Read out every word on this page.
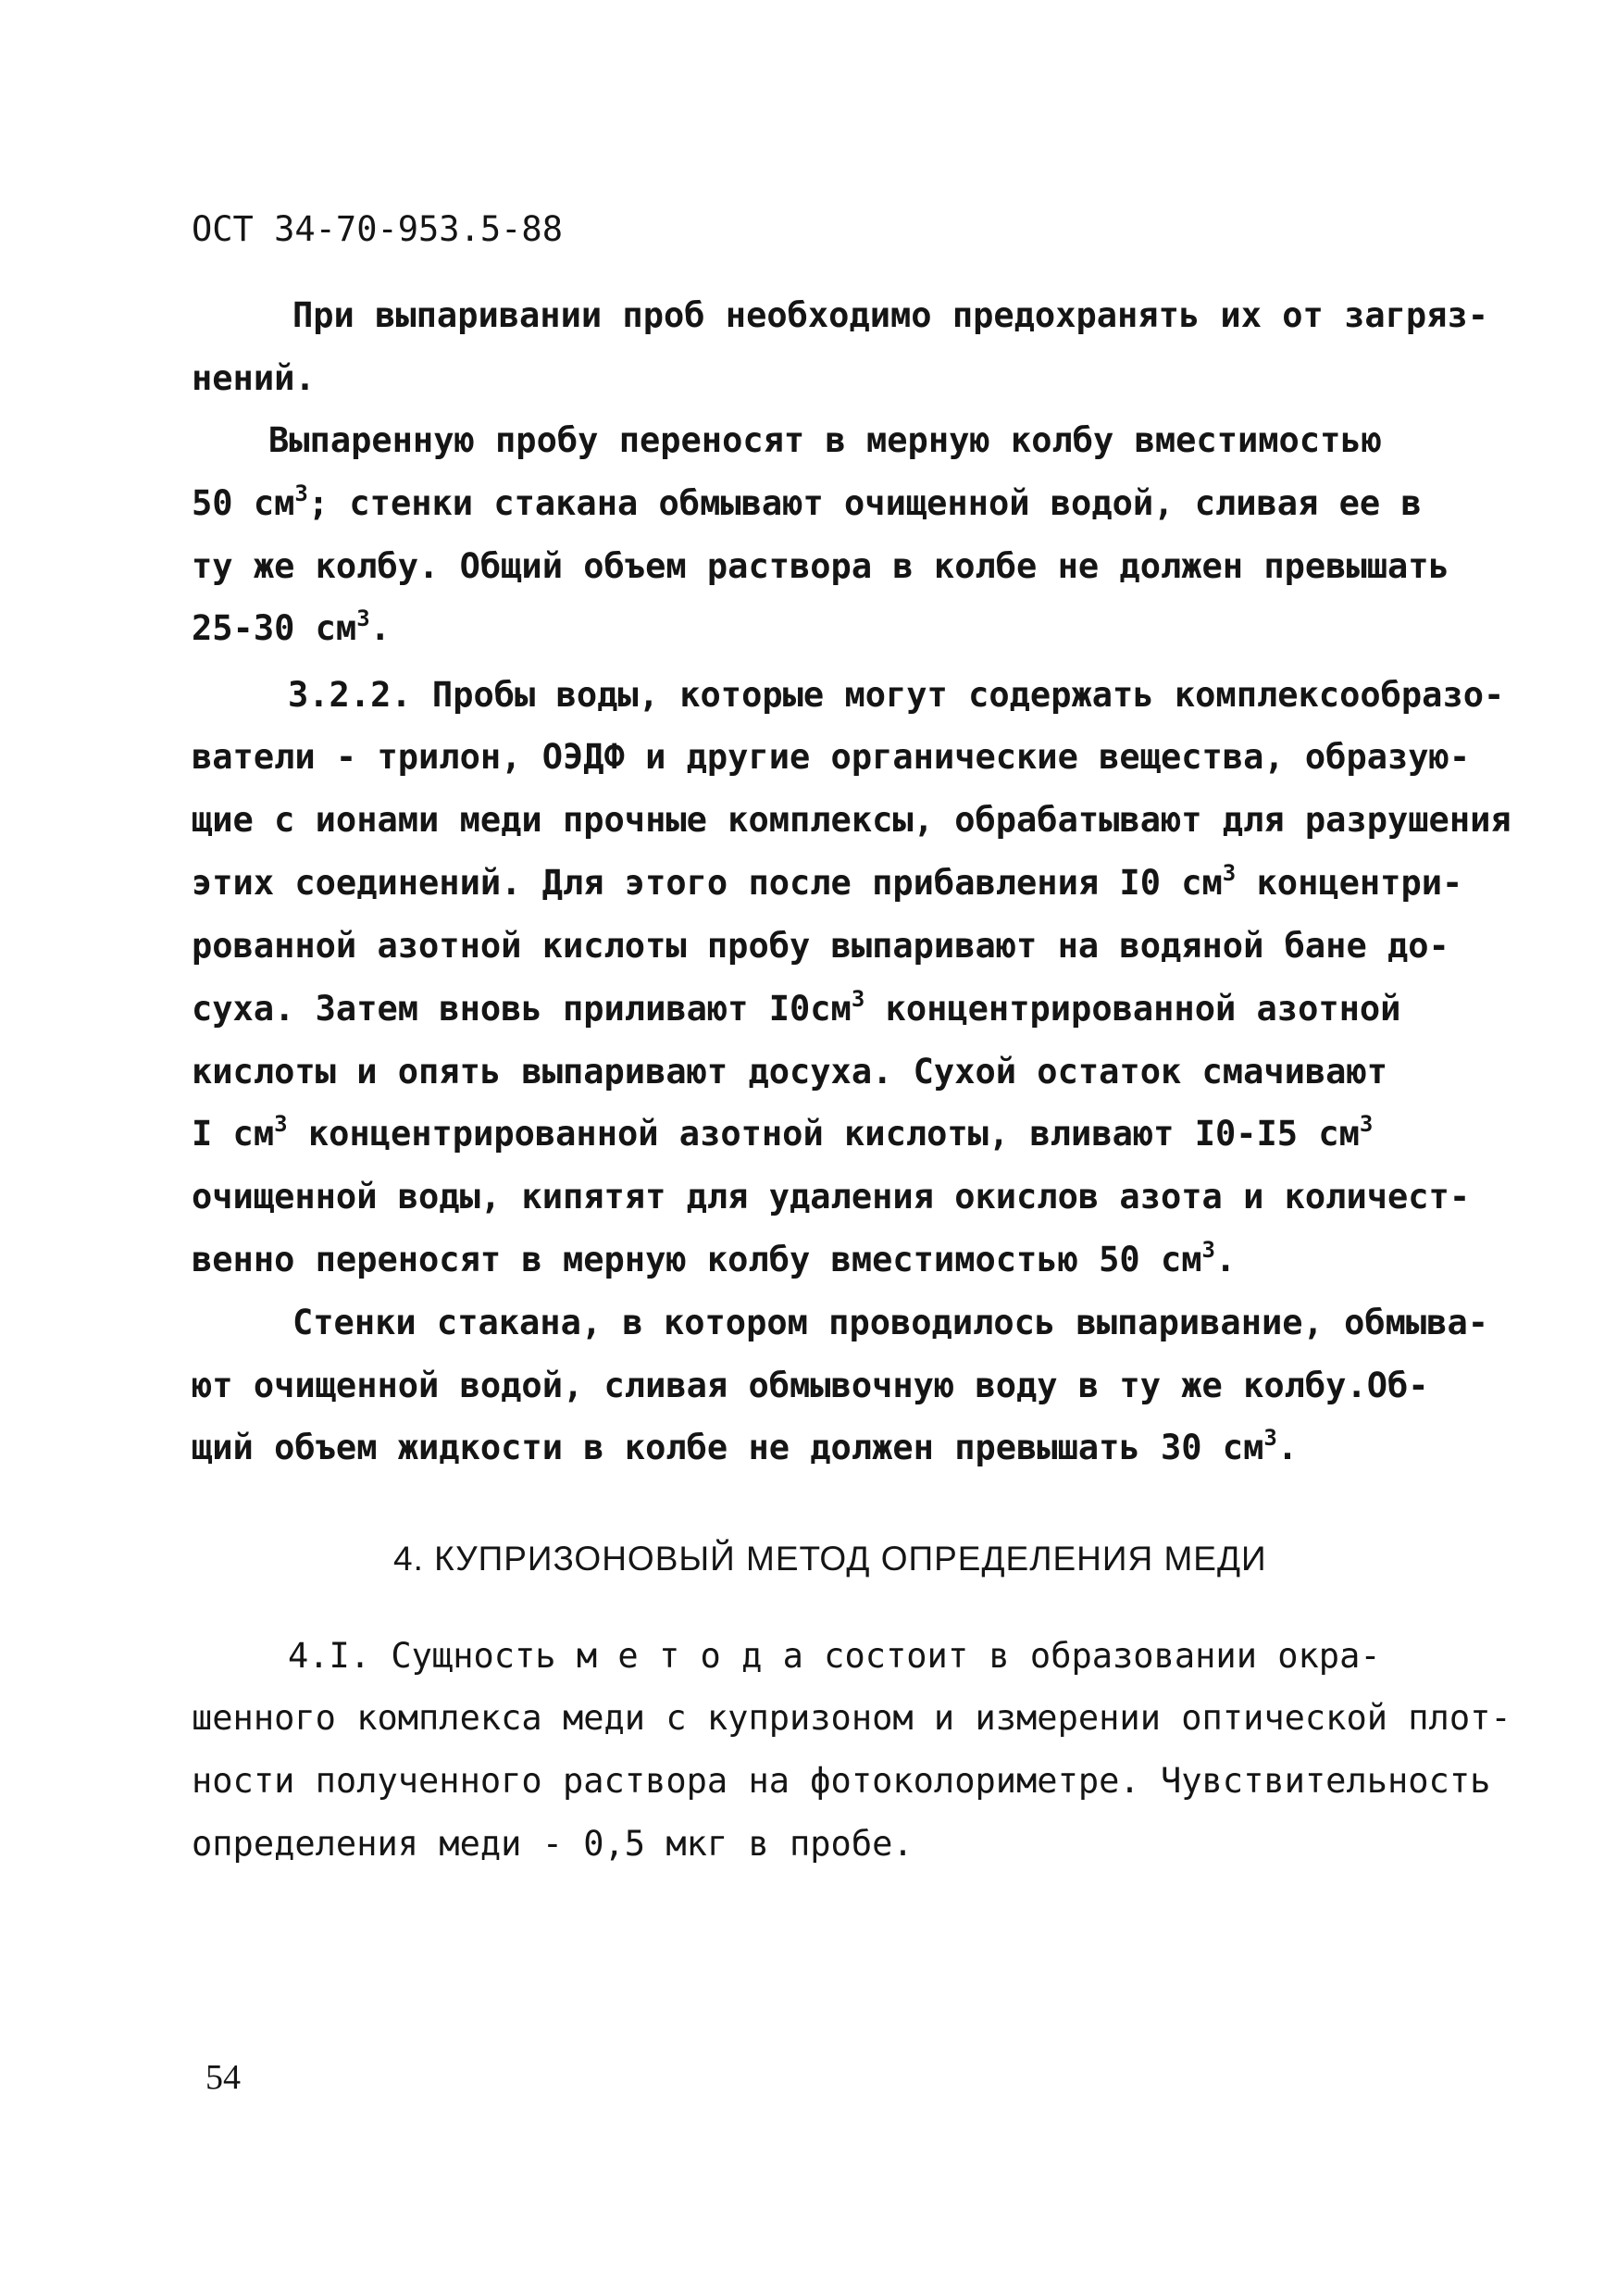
ОСТ 34-70-953.5-88
При выпаривании проб необходимо предохранять их от загряз-
нений.
Выпаренную пробу переносят в мерную колбу вместимостью
50 $см^3$; стенки стакана обмывают очищенной водой, сливая ее в
ту же колбу. Общий объем раствора в колбе не должен превышать
25-30 $см^3$.
3.2.2. Пробы воды, которые могут содержать комплексообразо-
ватели - трилон, ОЭДФ и другие органические вещества, образую-
щие с ионами меди прочные комплексы, обрабатывают для разрушения
этих соединений. Для этого после прибавления I0 $см^3$ концентри-
рованной азотной кислоты пробу выпаривают на водяной бане до-
суха. Затем вновь приливают $I0см^3$ концентрированной азотной
кислоты и опять выпаривают досуха. Сухой остаток смачивают
I $см^3$ концентрированной азотной кислоты, вливают I0-I5 $см^3$
очищенной воды, кипятят для удаления окислов азота и количест-
венно переносят в мерную колбу вместимостью 50 $см^3$.
Стенки стакана, в котором проводилось выпаривание, обмыва-
ют очищенной водой, сливая обмывочную воду в ту же колбу.Об-
щий объем жидкости в колбе не должен превышать 30 $см^3$.
4. КУПРИЗОНОВЫЙ МЕТОД ОПРЕДЕЛЕНИЯ МЕДИ
4.I. Сущность м е т о д а состоит в образовании окра-
шенного комплекса меди с купризоном и измерении оптической плот-
ности полученного раствора на фотоколориметре. Чувствительность
определения меди - 0,5 мкг в пробе.
54
